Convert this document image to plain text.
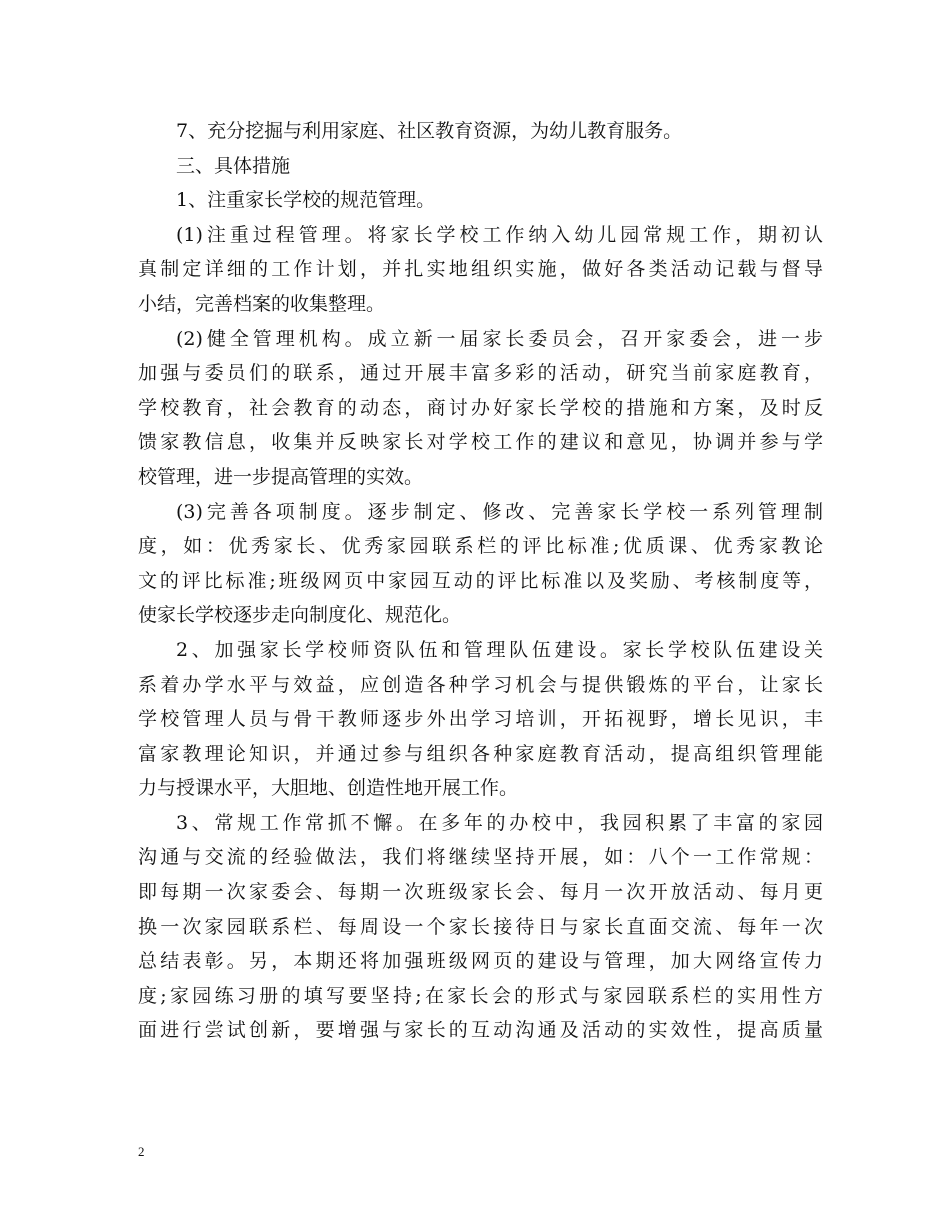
7、充分挖掘与利用家庭、社区教育资源，为幼儿教育服务。
三、具体措施
1、注重家长学校的规范管理。
(1)注重过程管理。将家长学校工作纳入幼儿园常规工作，期初认
真制定详细的工作计划，并扎实地组织实施，做好各类活动记载与督导
小结，完善档案的收集整理。
(2)健全管理机构。成立新一届家长委员会，召开家委会，进一步
加强与委员们的联系，通过开展丰富多彩的活动，研究当前家庭教育，
学校教育，社会教育的动态，商讨办好家长学校的措施和方案，及时反
馈家教信息，收集并反映家长对学校工作的建议和意见，协调并参与学
校管理，进一步提高管理的实效。
(3)完善各项制度。逐步制定、修改、完善家长学校一系列管理制
度，如：优秀家长、优秀家园联系栏的评比标准;优质课、优秀家教论
文的评比标准;班级网页中家园互动的评比标准以及奖励、考核制度等，
使家长学校逐步走向制度化、规范化。
2、加强家长学校师资队伍和管理队伍建设。家长学校队伍建设关
系着办学水平与效益，应创造各种学习机会与提供锻炼的平台，让家长
学校管理人员与骨干教师逐步外出学习培训，开拓视野，增长见识，丰
富家教理论知识，并通过参与组织各种家庭教育活动，提高组织管理能
力与授课水平，大胆地、创造性地开展工作。
3、常规工作常抓不懈。在多年的办校中，我园积累了丰富的家园
沟通与交流的经验做法，我们将继续坚持开展，如：八个一工作常规：
即每期一次家委会、每期一次班级家长会、每月一次开放活动、每月更
换一次家园联系栏、每周设一个家长接待日与家长直面交流、每年一次
总结表彰。另，本期还将加强班级网页的建设与管理，加大网络宣传力
度;家园练习册的填写要坚持;在家长会的形式与家园联系栏的实用性方
面进行尝试创新，要增强与家长的互动沟通及活动的实效性，提高质量
2
